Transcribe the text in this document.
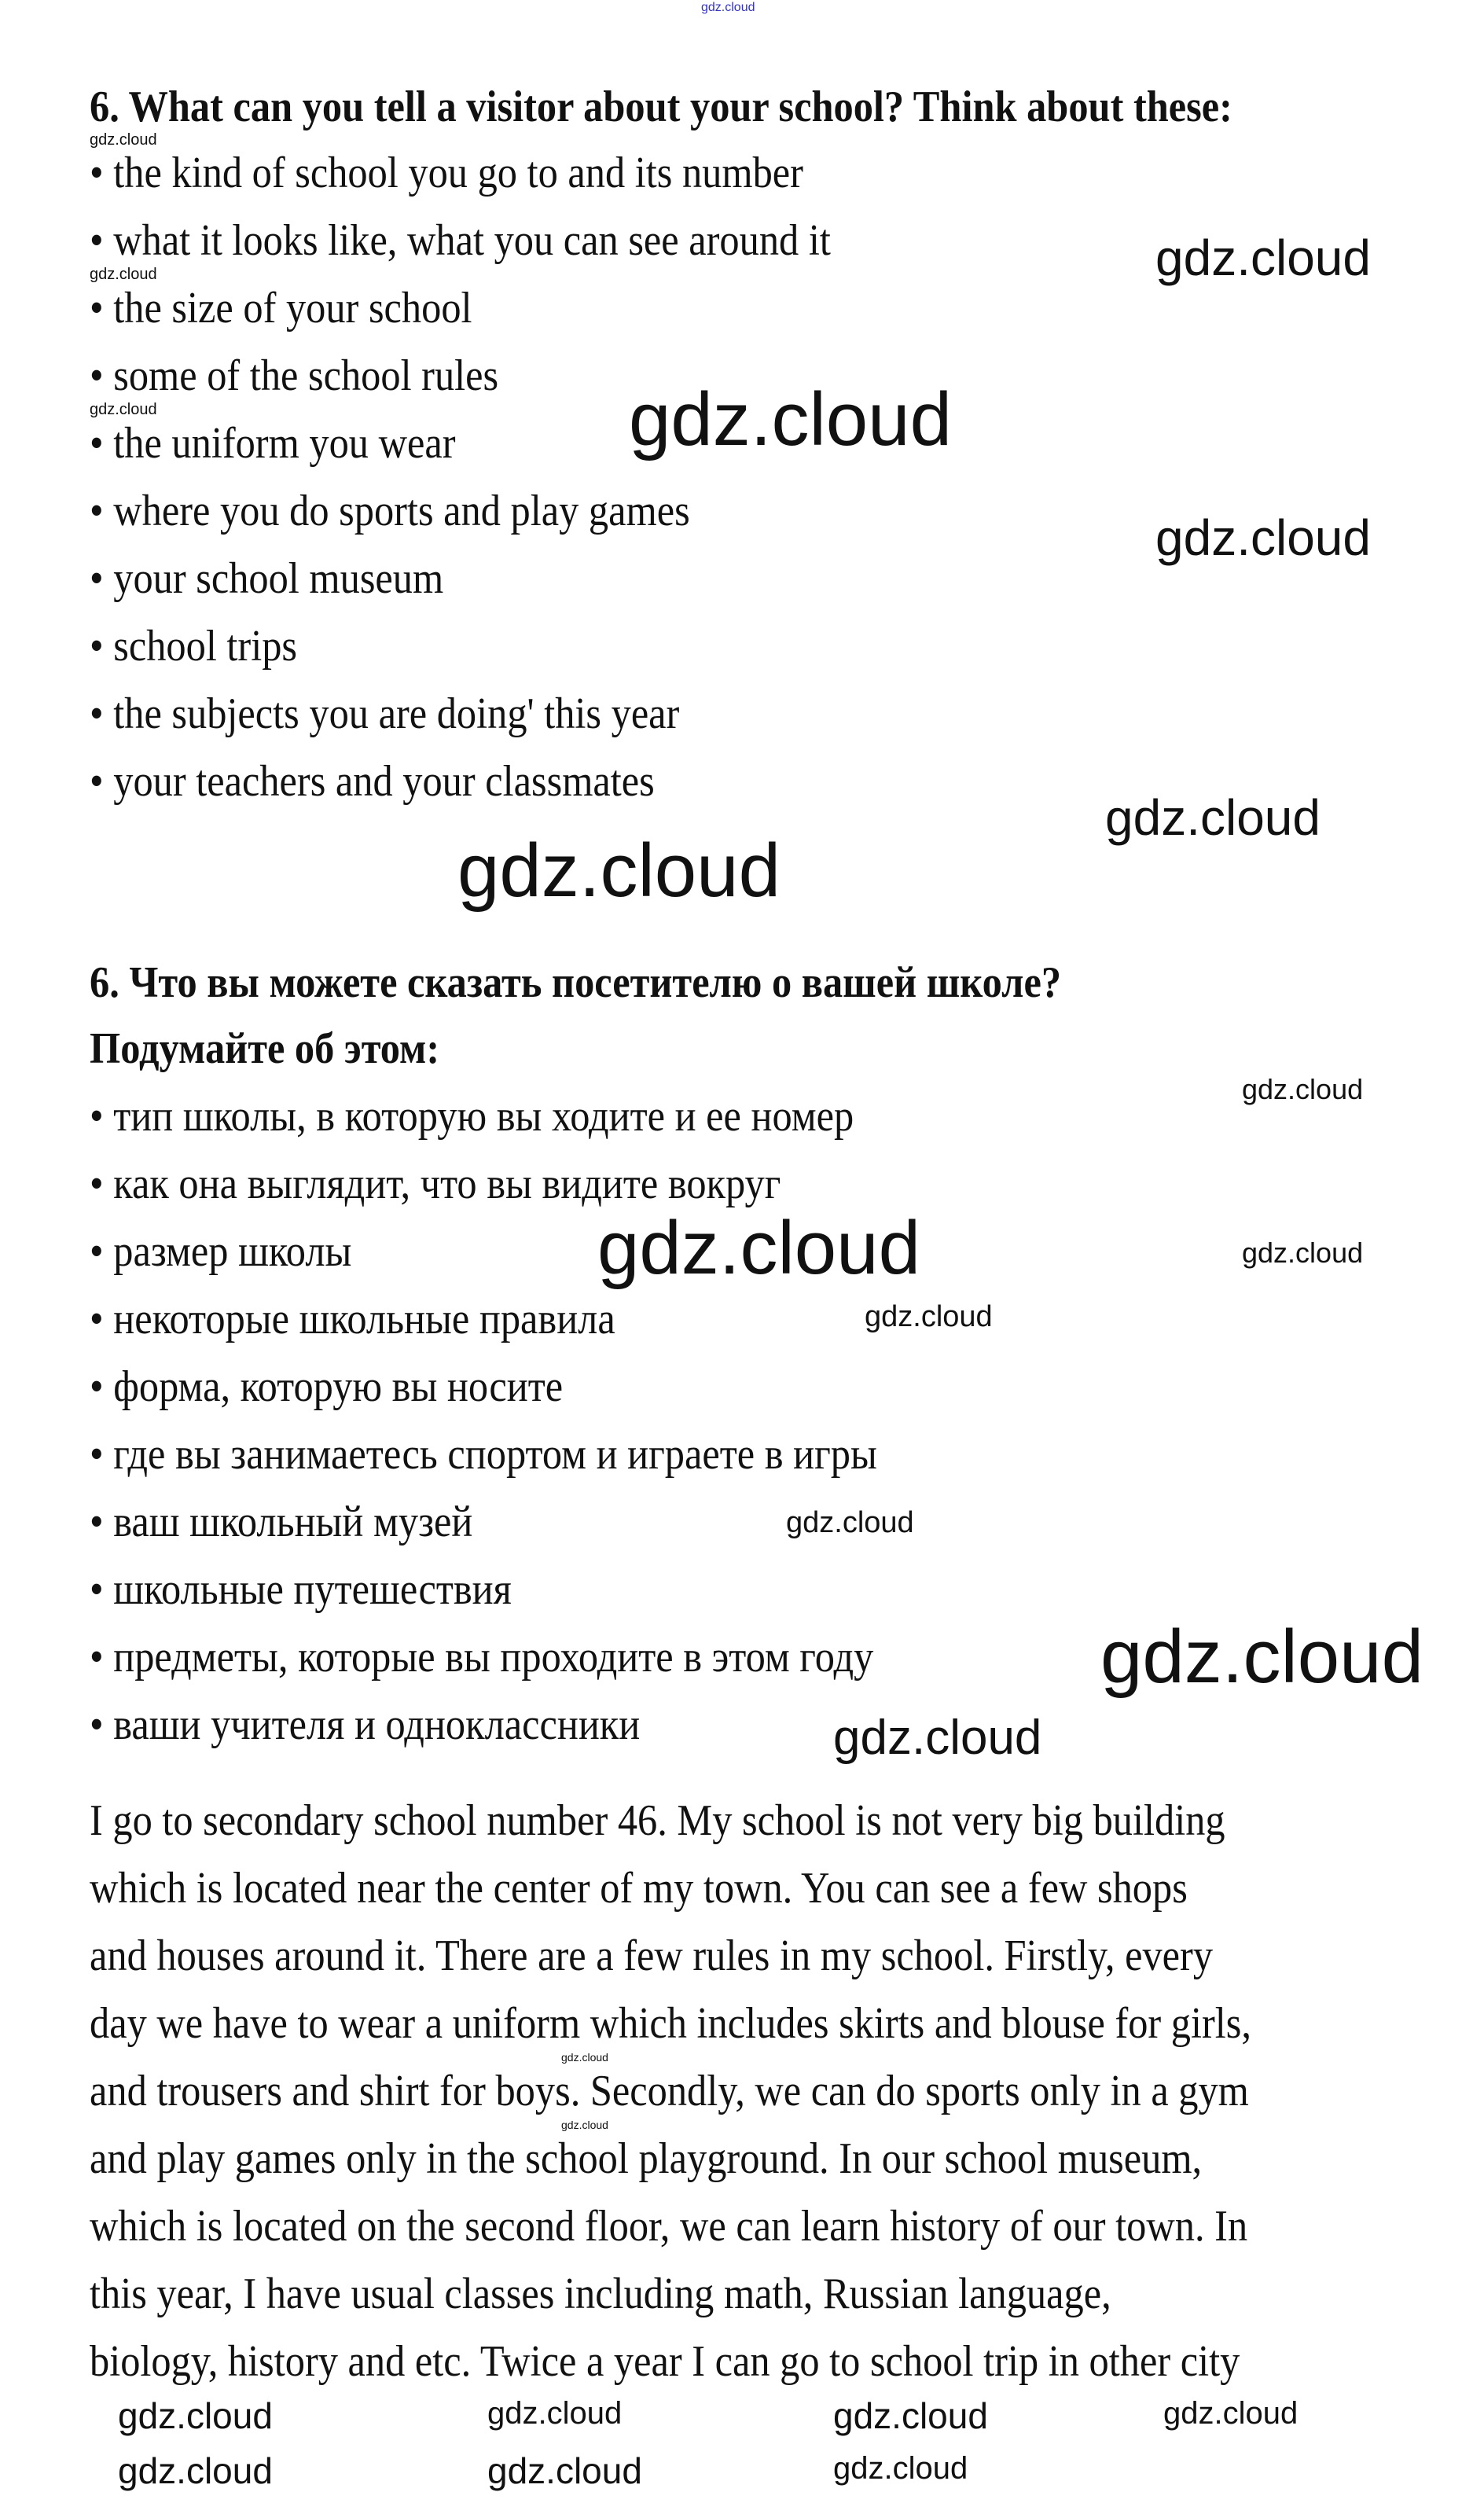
6. What can you tell a visitor about your school? Think about these:
• the kind of school you go to and its number
• what it looks like, what you can see around it
• the size of your school
• some of the school rules
• the uniform you wear
• where you do sports and play games
• your school museum
• school trips
• the subjects you are doing' this year
• your teachers and your classmates
6. Что вы можете сказать посетителю о вашей школе?
Подумайте об этом:
• тип школы, в которую вы ходите и ее номер
• как она выглядит, что вы видите вокруг
• размер школы
• некоторые школьные правила
• форма, которую вы носите
• где вы занимаетесь спортом и играете в игры
• ваш школьный музей
• школьные путешествия
• предметы, которые вы проходите в этом году
• ваши учителя и одноклассники
I go to secondary school number 46. My school is not very big building
which is located near the center of my town. You can see a few shops
and houses around it. There are a few rules in my school. Firstly, every
day we have to wear a uniform which includes skirts and blouse for girls,
and trousers and shirt for boys. Secondly, we can do sports only in a gym
and play games only in the school playground. In our school museum,
which is located on the second floor, we can learn history of our town. In
this year, I have usual classes including math, Russian language,
biology, history and etc. Twice a year I can go to school trip in other city
gdz.cloud
gdz.cloud
gdz.cloud
gdz.cloud
gdz.cloud
gdz.cloud
gdz.cloud
gdz.cloud
gdz.cloud
gdz.cloud
gdz.cloud
gdz.cloud
gdz.cloud
gdz.cloud
gdz.cloud
gdz.cloud
gdz.cloud
gdz.cloud
gdz.cloud	gdz.cloud	gdz.cloud	gdz.cloud
gdz.cloud	gdz.cloud	gdz.cloud
